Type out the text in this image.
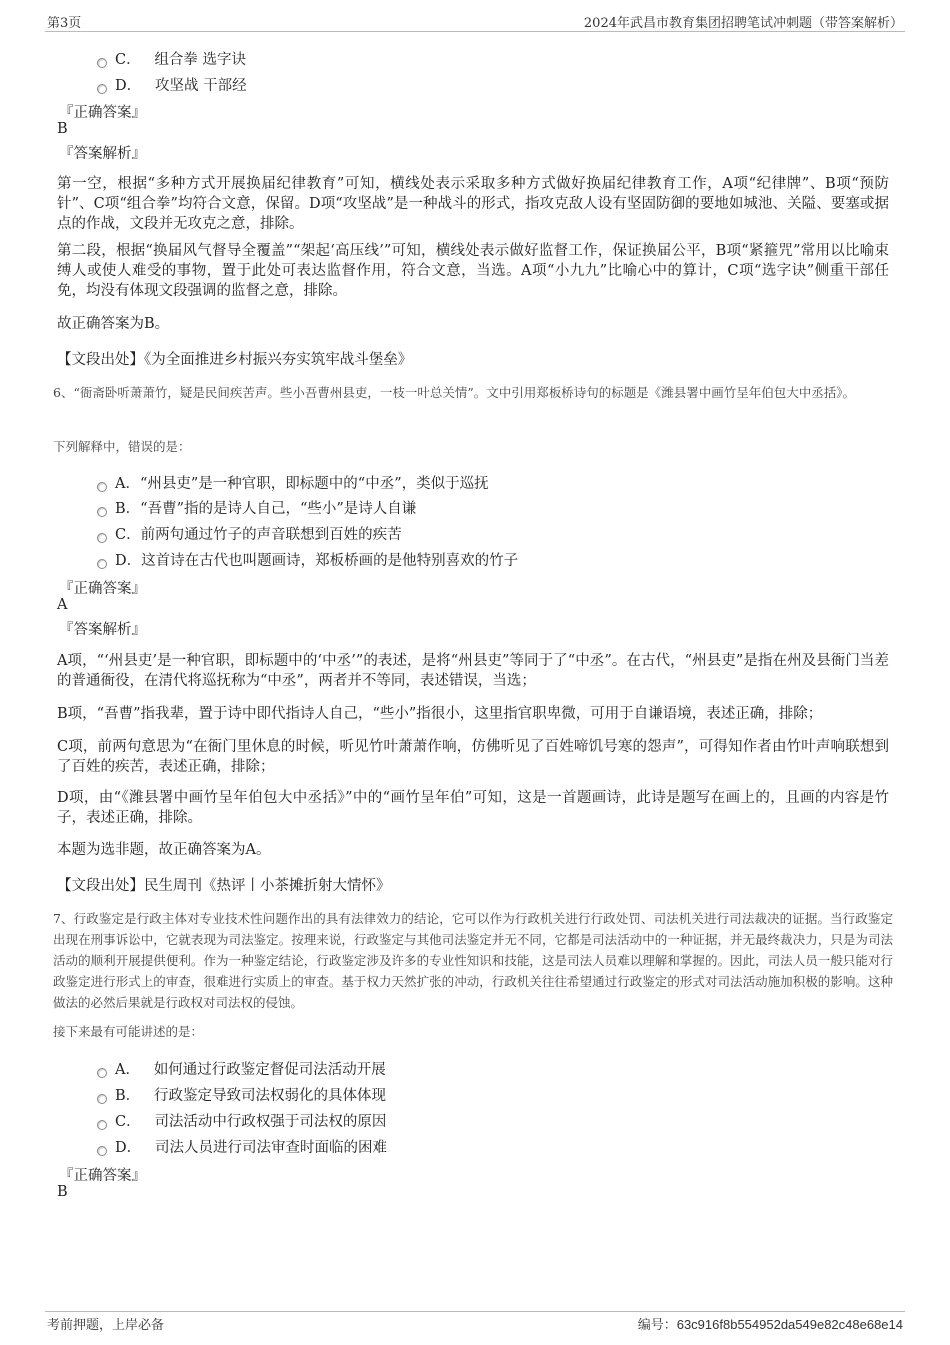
第3页	2024年武昌市教育集团招聘笔试冲刺题（带答案解析）
C． 组合拳 选字诀
D． 攻坚战 干部经
『正确答案』
B
『答案解析』
第一空，根据“多种方式开展换届纪律教育”可知，横线处表示采取多种方式做好换届纪律教育工作，A项“纪律牌”、B项“预防针”、C项“组合拳”均符合文意，保留。D项“攻坚战”是一种战斗的形式，指攻克敌人设有坚固防御的要地如城池、关隘、要塞或据点的作战，文段并无攻克之意，排除。
第二段，根据“换届风气督导全覆盖”“架起‘高压线’”可知，横线处表示做好监督工作，保证换届公平，B项“紧箍咒”常用以比喻束缚人或使人难受的事物，置于此处可表达监督作用，符合文意，当选。A项“小九九”比喻心中的算计，C项“选字诀”侧重干部任免，均没有体现文段强调的监督之意，排除。
故正确答案为B。
【文段出处】《为全面推进乡村振兴夯实筑牢战斗堡垒》
6、“衙斋卧听萧萧竹，疑是民间疾苦声。些小吾曹州县吏，一枝一叶总关情”。文中引用郑板桥诗句的标题是《潍县署中画竹呈年伯包大中丞括》。
下列解释中，错误的是：
A．“州县吏”是一种官职，即标题中的“中丞”，类似于巡抚
B．“吾曹”指的是诗人自己，“些小”是诗人自谦
C．前两句通过竹子的声音联想到百姓的疾苦
D．这首诗在古代也叫题画诗，郑板桥画的是他特别喜欢的竹子
『正确答案』
A
『答案解析』
A项，“‘州县吏’是一种官职，即标题中的‘中丞’”的表述，是将“州县吏”等同于了“中丞”。在古代，“州县吏”是指在州及县衙门当差的普通衙役，在清代将巡抚称为“中丞”，两者并不等同，表述错误，当选；
B项，“吾曹”指我辈，置于诗中即代指诗人自己，“些小”指很小，这里指官职卑微，可用于自谦语境，表述正确，排除；
C项，前两句意思为“在衙门里休息的时候，听见竹叶萧萧作响，仿佛听见了百姓啼饥号寒的怨声”，可得知作者由竹叶声响联想到了百姓的疾苦，表述正确，排除；
D项，由“《潍县署中画竹呈年伯包大中丞括》”中的“画竹呈年伯”可知，这是一首题画诗，此诗是题写在画上的，且画的内容是竹子，表述正确，排除。
本题为选非题，故正确答案为A。
【文段出处】民生周刊《热评丨小茶摊折射大情怀》
7、行政鉴定是行政主体对专业技术性问题作出的具有法律效力的结论，它可以作为行政机关进行行政处罚、司法机关进行司法裁决的证据。当行政鉴定出现在刑事诉讼中，它就表现为司法鉴定。按理来说，行政鉴定与其他司法鉴定并无不同，它都是司法活动中的一种证据，并无最终裁决力，只是为司法活动的顺利开展提供便利。作为一种鉴定结论，行政鉴定涉及许多的专业性知识和技能，这是司法人员难以理解和掌握的。因此，司法人员一般只能对行政鉴定进行形式上的审查，很难进行实质上的审查。基于权力天然扩张的冲动，行政机关往往希望通过行政鉴定的形式对司法活动施加积极的影响。这种做法的必然后果就是行政权对司法权的侵蚀。
接下来最有可能讲述的是：
A． 如何通过行政鉴定督促司法活动开展
B． 行政鉴定导致司法权弱化的具体体现
C． 司法活动中行政权强于司法权的原因
D． 司法人员进行司法审查时面临的困难
『正确答案』
B
考前押题，上岸必备	编号：63c916f8b554952da549e82c48e68e14
